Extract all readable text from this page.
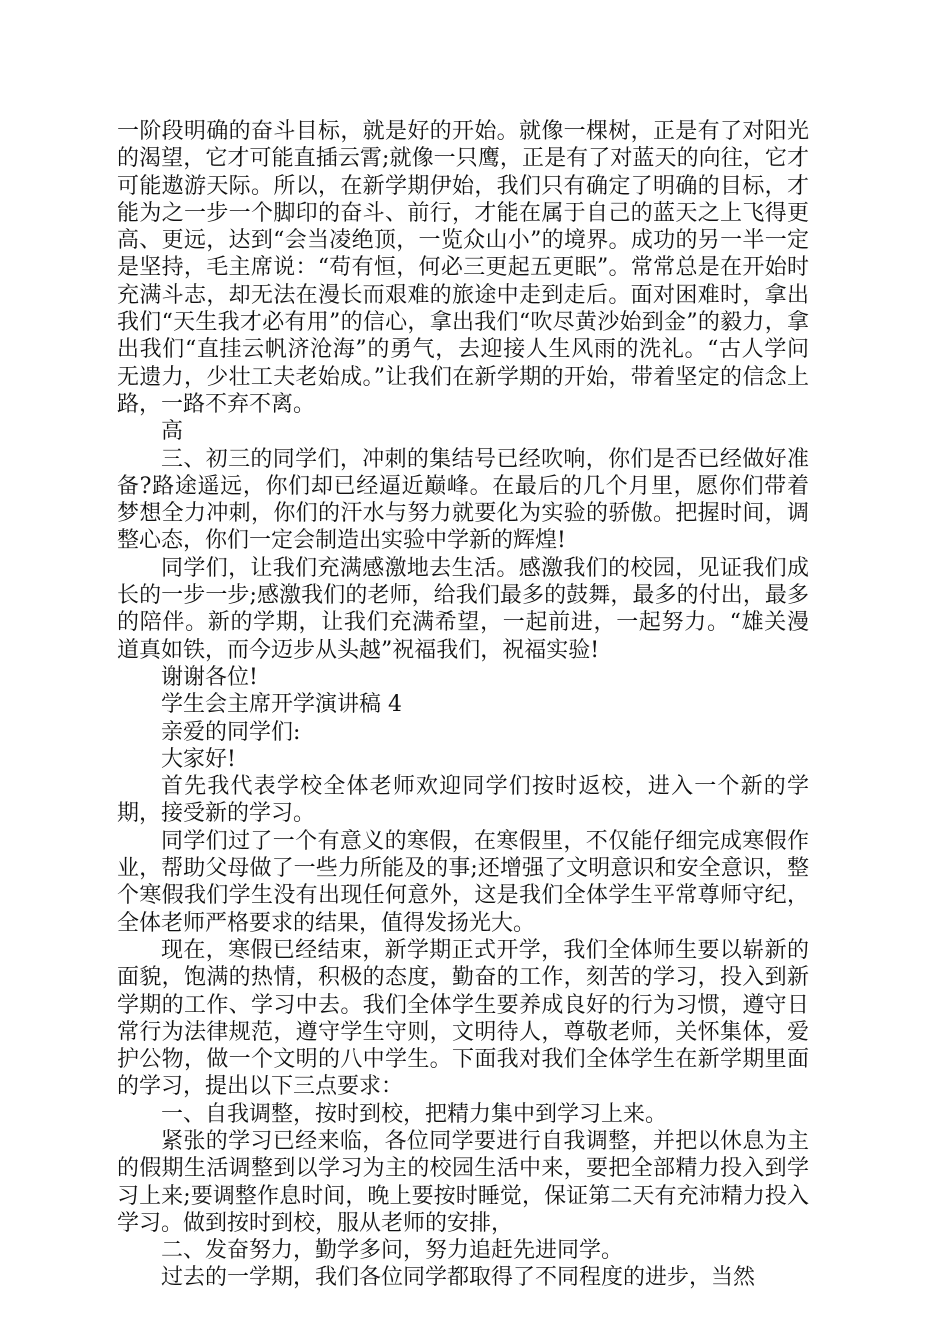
一阶段明确的奋斗目标，就是好的开始。就像一棵树，正是有了对阳光的渴望，它才可能直插云霄;就像一只鹰，正是有了对蓝天的向往，它才可能遨游天际。所以，在新学期伊始，我们只有确定了明确的目标，才能为之一步一个脚印的奋斗、前行，才能在属于自己的蓝天之上飞得更高、更远，达到“会当凌绝顶，一览众山小”的境界。成功的另一半一定是坚持，毛主席说：“苟有恒，何必三更起五更眠”。常常总是在开始时充满斗志，却无法在漫长而艰难的旅途中走到走后。面对困难时，拿出我们“天生我才必有用”的信心，拿出我们“吹尽黄沙始到金”的毅力，拿出我们“直挂云帆济沧海”的勇气，去迎接人生风雨的洗礼。“古人学问无遗力，少壮工夫老始成。”让我们在新学期的开始，带着坚定的信念上路，一路不弃不离。

高

三、初三的同学们，冲刺的集结号已经吹响，你们是否已经做好准备?路途遥远，你们却已经逼近巅峰。在最后的几个月里，愿你们带着梦想全力冲刺，你们的汗水与努力就要化为实验的骄傲。把握时间，调整心态，你们一定会制造出实验中学新的辉煌!

同学们，让我们充满感激地去生活。感激我们的校园，见证我们成长的一步一步;感激我们的老师，给我们最多的鼓舞，最多的付出，最多的陪伴。新的学期，让我们充满希望，一起前进，一起努力。“雄关漫道真如铁，而今迈步从头越”祝福我们，祝福实验!

谢谢各位!

学生会主席开学演讲稿 4

亲爱的同学们:

大家好!

首先我代表学校全体老师欢迎同学们按时返校，进入一个新的学期，接受新的学习。

同学们过了一个有意义的寒假，在寒假里，不仅能仔细完成寒假作业，帮助父母做了一些力所能及的事;还增强了文明意识和安全意识，整个寒假我们学生没有出现任何意外，这是我们全体学生平常尊师守纪，全体老师严格要求的结果，值得发扬光大。

现在，寒假已经结束，新学期正式开学，我们全体师生要以崭新的面貌，饱满的热情，积极的态度，勤奋的工作，刻苦的学习，投入到新学期的工作、学习中去。我们全体学生要养成良好的行为习惯，遵守日常行为法律规范，遵守学生守则，文明待人，尊敬老师，关怀集体，爱护公物，做一个文明的八中学生。下面我对我们全体学生在新学期里面的学习，提出以下三点要求：

一、自我调整，按时到校，把精力集中到学习上来。

紧张的学习已经来临，各位同学要进行自我调整，并把以休息为主的假期生活调整到以学习为主的校园生活中来，要把全部精力投入到学习上来;要调整作息时间，晚上要按时睡觉，保证第二天有充沛精力投入学习。做到按时到校，服从老师的安排，

二、发奋努力，勤学多问，努力追赶先进同学。

过去的一学期，我们各位同学都取得了不同程度的进步，当然
